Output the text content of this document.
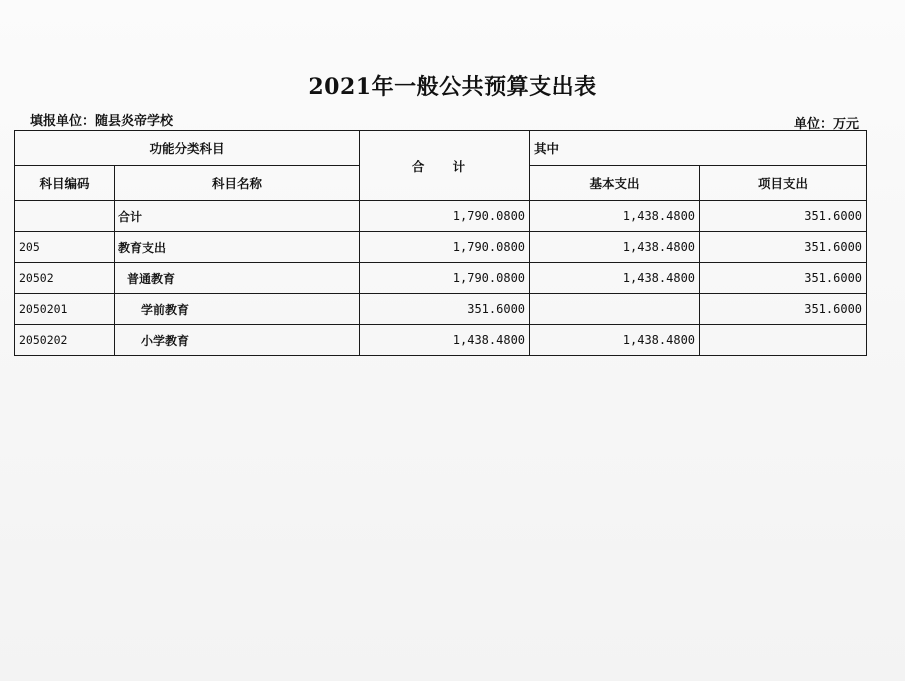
2021年一般公共预算支出表
填报单位：随县炎帝学校	单位：万元
功能分类科目		合 计	其中	
科目编码	科目名称		基本支出	项目支出
	合计	1,790.0800	1,438.4800	351.6000
205	教育支出	1,790.0800	1,438.4800	351.6000
20502	普通教育	1,790.0800	1,438.4800	351.6000
2050201	学前教育	351.6000		351.6000
2050202	小学教育	1,438.4800	1,438.4800	
